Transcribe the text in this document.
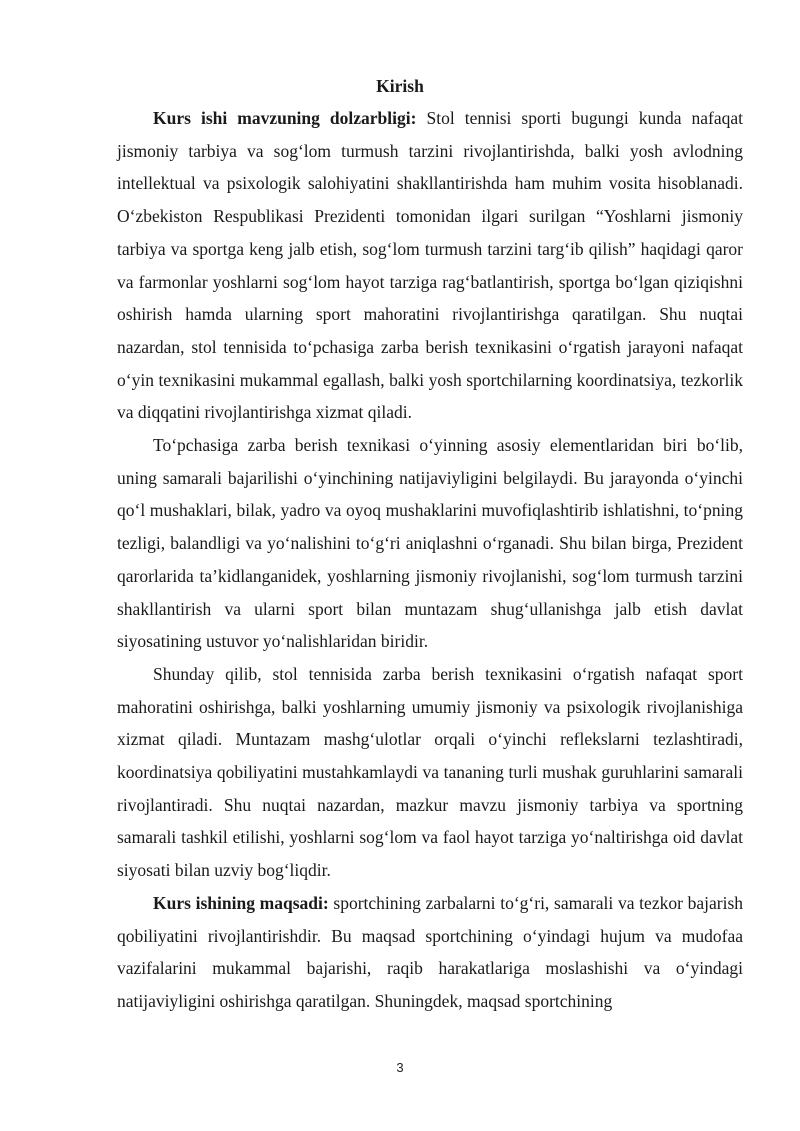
Kirish

Kurs ishi mavzuning dolzarbligi: Stol tennisi sporti bugungi kunda nafaqat jismoniy tarbiya va sog‘lom turmush tarzini rivojlantirishda, balki yosh avlodning intellektual va psixologik salohiyatini shakllantirishda ham muhim vosita hisoblanadi. O‘zbekiston Respublikasi Prezidenti tomonidan ilgari surilgan “Yoshlarni jismoniy tarbiya va sportga keng jalb etish, sog‘lom turmush tarzini targ‘ib qilish” haqidagi qaror va farmonlar yoshlarni sog‘lom hayot tarziga rag‘batlantirish, sportga bo‘lgan qiziqishni oshirish hamda ularning sport mahoratini rivojlantirishga qaratilgan. Shu nuqtai nazardan, stol tennisida to‘pchasiga zarba berish texnikasini o‘rgatish jarayoni nafaqat o‘yin texnikasini mukammal egallash, balki yosh sportchilarning koordinatsiya, tezkorlik va diqqatini rivojlantirishga xizmat qiladi.

To‘pchasiga zarba berish texnikasi o‘yinning asosiy elementlaridan biri bo‘lib, uning samarali bajarilishi o‘yinchining natijaviyligini belgilaydi. Bu jarayonda o‘yinchi qo‘l mushaklari, bilak, yadro va oyoq mushaklarini muvofiqlashtirib ishlatishni, to‘pning tezligi, balandligi va yo‘nalishini to‘g‘ri aniqlashni o‘rganadi. Shu bilan birga, Prezident qarorlarida ta’kidlanganidek, yoshlarning jismoniy rivojlanishi, sog‘lom turmush tarzini shakllantirish va ularni sport bilan muntazam shug‘ullanishga jalb etish davlat siyosatining ustuvor yo‘nalishlaridan biridir.

Shunday qilib, stol tennisida zarba berish texnikasini o‘rgatish nafaqat sport mahoratini oshirishga, balki yoshlarning umumiy jismoniy va psixologik rivojlanishiga xizmat qiladi. Muntazam mashg‘ulotlar orqali o‘yinchi reflekslarni tezlashtiradi, koordinatsiya qobiliyatini mustahkamlaydi va tananing turli mushak guruhlarini samarali rivojlantiradi. Shu nuqtai nazardan, mazkur mavzu jismoniy tarbiya va sportning samarali tashkil etilishi, yoshlarni sog‘lom va faol hayot tarziga yo‘naltirishga oid davlat siyosati bilan uzviy bog‘liqdir.

Kurs ishining maqsadi: sportchining zarbalarni to‘g‘ri, samarali va tezkor bajarish qobiliyatini rivojlantirishdir. Bu maqsad sportchining o‘yindagi hujum va mudofaa vazifalarini mukammal bajarishi, raqib harakatlariga moslashishi va o‘yindagi natijaviyligini oshirishga qaratilgan. Shuningdek, maqsad sportchining

3
